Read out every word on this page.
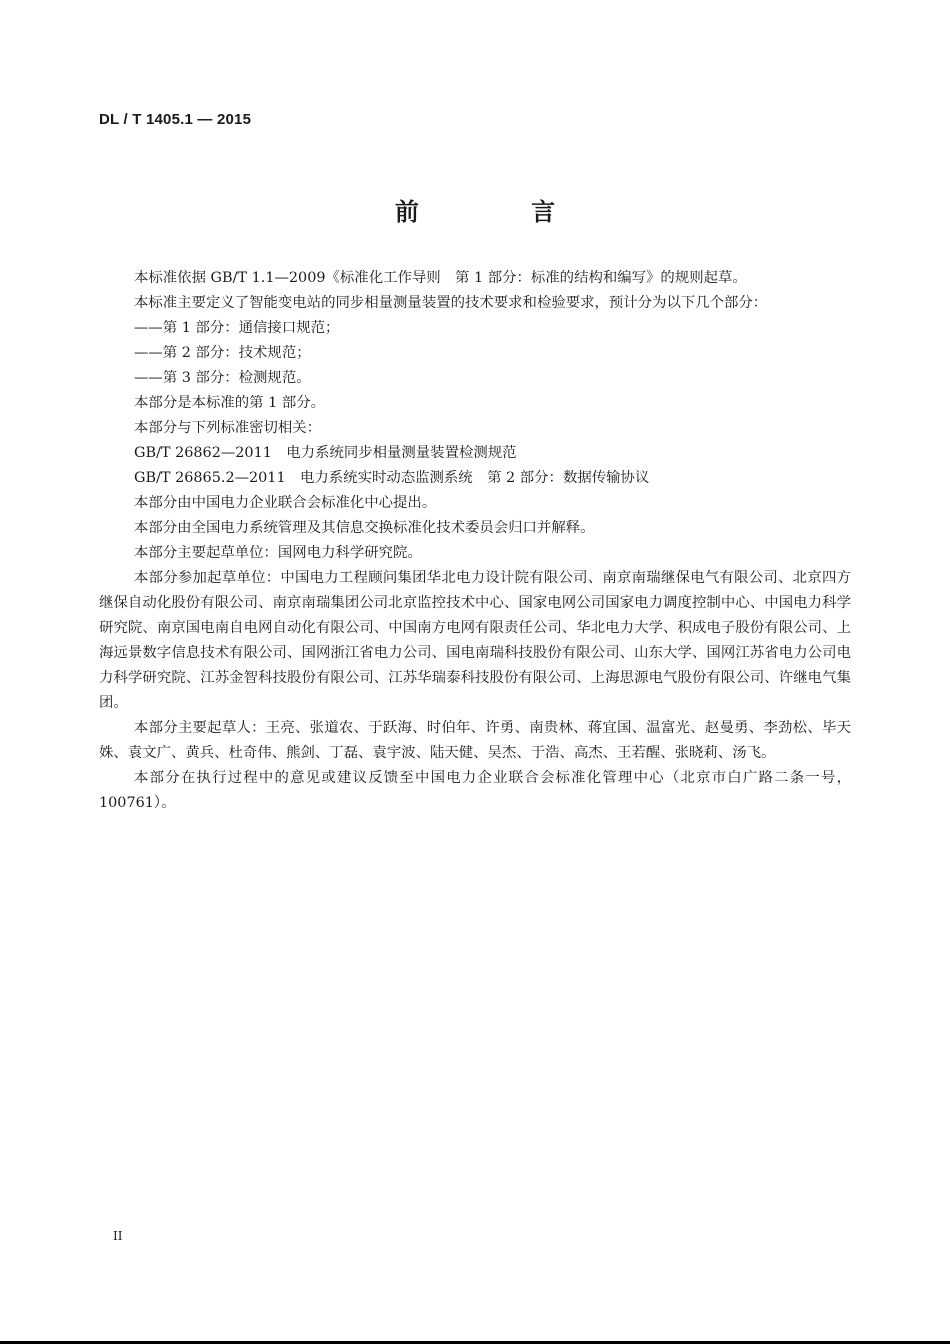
DL / T 1405.1 — 2015
前 言

本标准依据 GB/T 1.1—2009《标准化工作导则　第 1 部分：标准的结构和编写》的规则起草。

本标准主要定义了智能变电站的同步相量测量装置的技术要求和检验要求，预计分为以下几个部分：

——第 1 部分：通信接口规范；

——第 2 部分：技术规范；

——第 3 部分：检测规范。

本部分是本标准的第 1 部分。

本部分与下列标准密切相关：

GB/T 26862—2011　电力系统同步相量测量装置检测规范

GB/T 26865.2—2011　电力系统实时动态监测系统　第 2 部分：数据传输协议

本部分由中国电力企业联合会标准化中心提出。

本部分由全国电力系统管理及其信息交换标准化技术委员会归口并解释。

本部分主要起草单位：国网电力科学研究院。

本部分参加起草单位：中国电力工程顾问集团华北电力设计院有限公司、南京南瑞继保电气有限公司、北京四方继保自动化股份有限公司、南京南瑞集团公司北京监控技术中心、国家电网公司国家电力调度控制中心、中国电力科学研究院、南京国电南自电网自动化有限公司、中国南方电网有限责任公司、华北电力大学、积成电子股份有限公司、上海远景数字信息技术有限公司、国网浙江省电力公司、国电南瑞科技股份有限公司、山东大学、国网江苏省电力公司电力科学研究院、江苏金智科技股份有限公司、江苏华瑞泰科技股份有限公司、上海思源电气股份有限公司、许继电气集团。

本部分主要起草人：王亮、张道农、于跃海、时伯年、许勇、南贵林、蒋宜国、温富光、赵曼勇、李劲松、毕天姝、袁文广、黄兵、杜奇伟、熊剑、丁磊、袁宇波、陆天健、吴杰、于浩、高杰、王若醒、张晓莉、汤飞。

本部分在执行过程中的意见或建议反馈至中国电力企业联合会标准化管理中心（北京市白广路二条一号，100761）。

II
